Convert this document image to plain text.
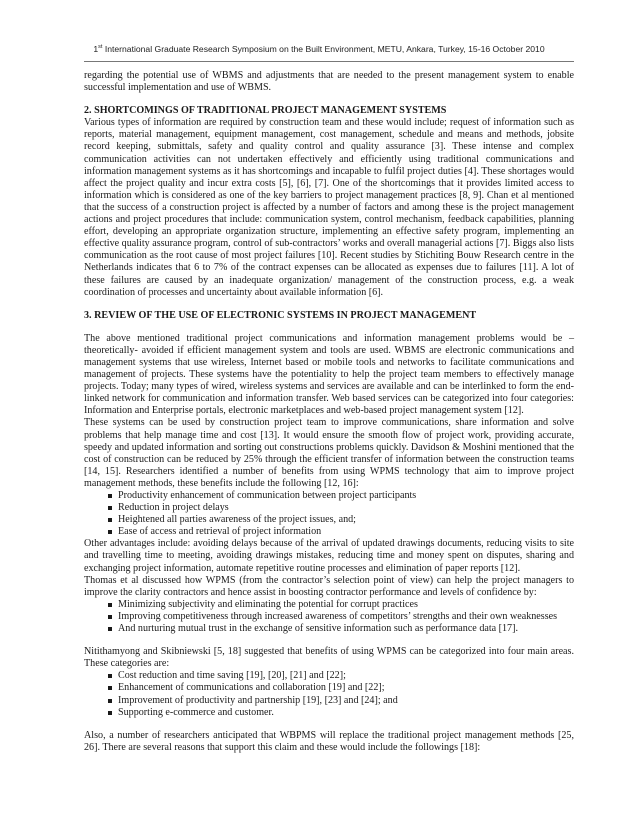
1st International Graduate Research Symposium on the Built Environment, METU, Ankara, Turkey, 15-16 October 2010

regarding the potential use of WBMS and adjustments that are needed to the present management system to enable successful implementation and use of WBMS.

2. SHORTCOMINGS OF TRADITIONAL PROJECT MANAGEMENT SYSTEMS

Various types of information are required by construction team and these would include; request of information such as reports, material management, equipment management, cost management, schedule and means and methods, jobsite record keeping, submittals, safety and quality control and quality assurance [3]. These intense and complex communication activities can not undertaken effectively and efficiently using traditional communications and information management systems as it has shortcomings and incapable to fulfil project duties [4]. These shortages would affect the project quality and incur extra costs [5], [6], [7]. One of the shortcomings that it provides limited access to information which is considered as one of the key barriers to project management practices [8, 9]. Chan et al mentioned that the success of a construction project is affected by a number of factors and among these is the project management actions and project procedures that include: communication system, control mechanism, feedback capabilities, planning effort, developing an appropriate organization structure, implementing an effective safety program, implementing an effective quality assurance program, control of sub-contractors’ works and overall managerial actions [7]. Biggs also lists communication as the root cause of most project failures [10]. Recent studies by Stichiting Bouw Research centre in the Netherlands indicates that 6 to 7% of the contract expenses can be allocated as expenses due to failures [11]. A lot of these failures are caused by an inadequate organization/ management of the construction process, e.g. a weak coordination of processes and uncertainty about available information [6].

3. REVIEW OF THE USE OF ELECTRONIC SYSTEMS IN PROJECT MANAGEMENT

The above mentioned traditional project communications and information management problems would be – theoretically- avoided if efficient management system and tools are used. WBMS are electronic communications and management systems that use wireless, Internet based or mobile tools and networks to facilitate communications and management of projects. These systems have the potentiality to help the project team members to effectively manage projects. Today; many types of wired, wireless systems and services are available and can be interlinked to form the end-linked network for communication and information transfer. Web based services can be categorized into four categories: Information and Enterprise portals, electronic marketplaces and web-based project management system [12].

These systems can be used by construction project team to improve communications, share information and solve problems that help manage time and cost [13]. It would ensure the smooth flow of project work, providing accurate, speedy and updated information and sorting out constructions problems quickly. Davidson & Moshini mentioned that the cost of construction can be reduced by 25% through the efficient transfer of information between the construction teams [14, 15]. Researchers identified a number of benefits from using WPMS technology that aim to improve project management methods, these benefits include the following [12, 16]:

Productivity enhancement of communication between project participants
Reduction in project delays
Heightened all parties awareness of the project issues, and;
Ease of access and retrieval of project information

Other advantages include: avoiding delays because of the arrival of updated drawings documents, reducing visits to site and travelling time to meeting, avoiding drawings mistakes, reducing time and money spent on disputes, sharing and exchanging project information, automate repetitive routine processes and elimination of paper reports [12].

Thomas et al discussed how WPMS (from the contractor’s selection point of view) can help the project managers to improve the clarity contractors and hence assist in boosting contractor performance and levels of confidence by:

Minimizing subjectivity and eliminating the potential for corrupt practices
Improving competitiveness through increased awareness of competitors’ strengths and their own weaknesses
And nurturing mutual trust in the exchange of sensitive information such as performance data [17].

Nitithamyong and Skibniewski [5, 18] suggested that benefits of using WPMS can be categorized into four main areas. These categories are:

Cost reduction and time saving [19], [20], [21] and [22];
Enhancement of communications and collaboration [19] and [22];
Improvement of productivity and partnership [19], [23] and [24]; and
Supporting e-commerce and customer.

Also, a number of researchers anticipated that WBPMS will replace the traditional project management methods [25, 26]. There are several reasons that support this claim and these would include the followings [18]:
